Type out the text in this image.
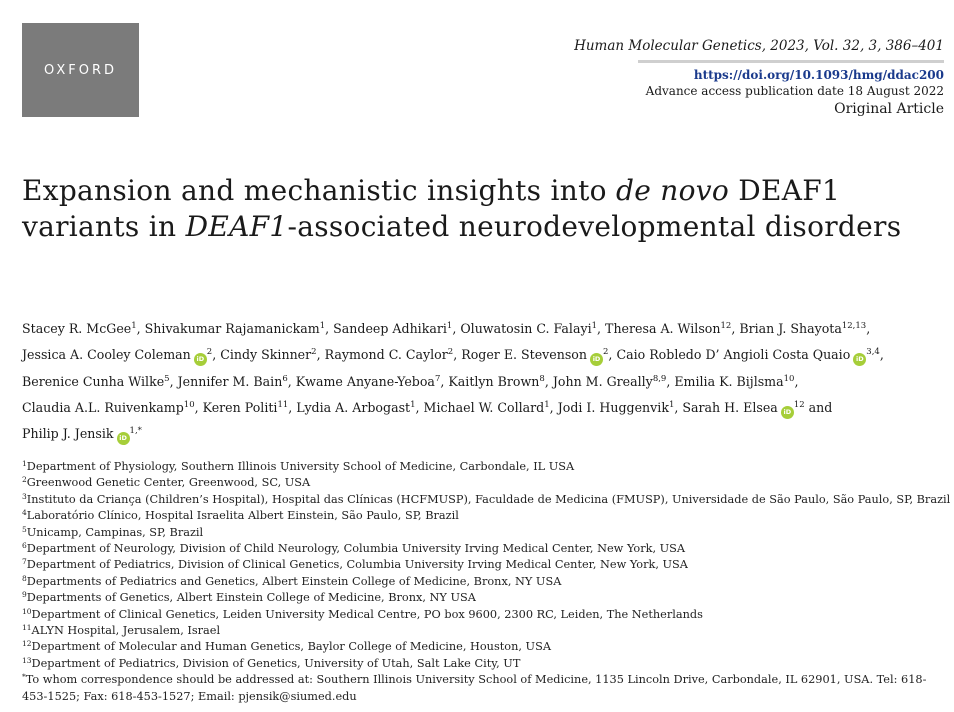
OXFORD
Human Molecular Genetics, 2023, Vol. 32, 3, 386–401
https://doi.org/10.1093/hmg/ddac200
Advance access publication date 18 August 2022
Original Article
Expansion and mechanistic insights into de novo DEAF1 variants in DEAF1-associated neurodevelopmental disorders
Stacey R. McGee$^1$, Shivakumar Rajamanickam$^1$, Sandeep Adhikari$^1$, Oluwatosin C. Falayi$^1$, Theresa A. Wilson$^{12}$, Brian J. Shayota$^{12,13}$, Jessica A. Cooley Coleman $iD^2$, Cindy Skinner$^2$, Raymond C. Caylor$^2$, Roger E. Stevenson $iD^2$, Caio Robledo D’ Angioli Costa Quaio iD$^{3,4}$, Berenice Cunha Wilke$^5$, Jennifer M. Bain$^6$, Kwame Anyane-Yeboa$^7$, Kaitlyn Brown$^8$, John M. Greally$^{8,9}$, Emilia K. Bijlsma$^{10}$, Claudia A.L. Ruivenkamp$^{10}$, Keren Politi$^{11}$, Lydia A. Arbogast$^1$, Michael W. Collard$^1$, Jodi I. Huggenvik$^1$, Sarah H. Elsea $iD^{12}$ and Philip J. Jensik $iD^{1,*}$
$^1$Department of Physiology, Southern Illinois University School of Medicine, Carbondale, IL USA
$^2$Greenwood Genetic Center, Greenwood, SC, USA
$^3$Instituto da Criança (Children’s Hospital), Hospital das Clínicas (HCFMUSP), Faculdade de Medicina (FMUSP), Universidade de São Paulo, São Paulo, SP, Brazil
$^4$Laboratório Clínico, Hospital Israelita Albert Einstein, São Paulo, SP, Brazil
$^5$Unicamp, Campinas, SP, Brazil
$^6$Department of Neurology, Division of Child Neurology, Columbia University Irving Medical Center, New York, USA
$^7$Department of Pediatrics, Division of Clinical Genetics, Columbia University Irving Medical Center, New York, USA
$^8$Departments of Pediatrics and Genetics, Albert Einstein College of Medicine, Bronx, NY USA
$^9$Departments of Genetics, Albert Einstein College of Medicine, Bronx, NY USA
$^{10}$Department of Clinical Genetics, Leiden University Medical Centre, PO box 9600, 2300 RC, Leiden, The Netherlands
$^{11}$ALYN Hospital, Jerusalem, Israel
$^{12}$Department of Molecular and Human Genetics, Baylor College of Medicine, Houston, USA
$^{13}$Department of Pediatrics, Division of Genetics, University of Utah, Salt Lake City, UT
*To whom correspondence should be addressed at: Southern Illinois University School of Medicine, 1135 Lincoln Drive, Carbondale, IL 62901, USA. Tel: 618-453-1525; Fax: 618-453-1527; Email: pjensik@siumed.edu
